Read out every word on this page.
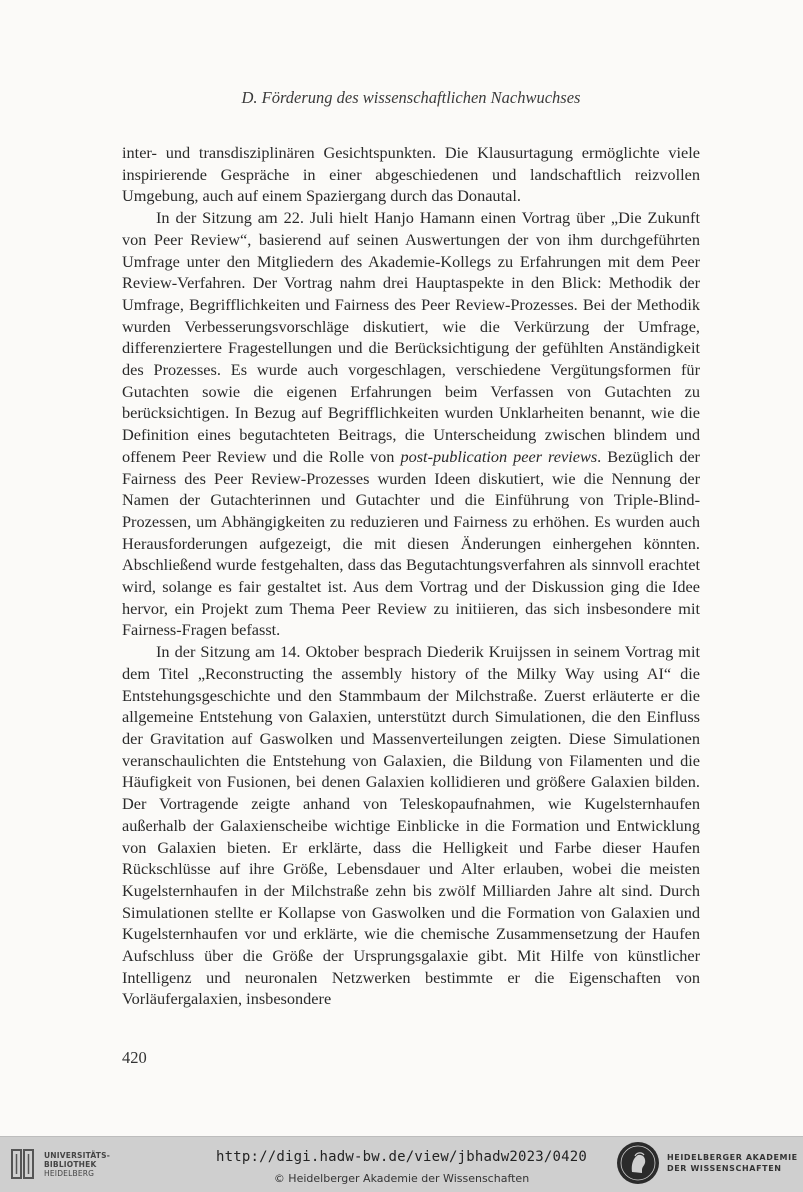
D. Förderung des wissenschaftlichen Nachwuchses

inter- und transdisziplinären Gesichtspunkten. Die Klausurtagung ermöglichte viele inspirierende Gespräche in einer abgeschiedenen und landschaftlich reizvollen Umgebung, auch auf einem Spaziergang durch das Donautal.

In der Sitzung am 22. Juli hielt Hanjo Hamann einen Vortrag über „Die Zukunft von Peer Review“, basierend auf seinen Auswertungen der von ihm durchgeführten Umfrage unter den Mitgliedern des Akademie-Kollegs zu Erfahrungen mit dem Peer Review-Verfahren. Der Vortrag nahm drei Hauptaspekte in den Blick: Methodik der Umfrage, Begrifflichkeiten und Fairness des Peer Review-Prozesses. Bei der Methodik wurden Verbesserungsvorschläge diskutiert, wie die Verkürzung der Umfrage, differenziertere Fragestellungen und die Berücksichtigung der gefühlten Anständigkeit des Prozesses. Es wurde auch vorgeschlagen, verschiedene Vergütungsformen für Gutachten sowie die eigenen Erfahrungen beim Verfassen von Gutachten zu berücksichtigen. In Bezug auf Begrifflichkeiten wurden Unklarheiten benannt, wie die Definition eines begutachteten Beitrags, die Unterscheidung zwischen blindem und offenem Peer Review und die Rolle von post-publication peer reviews. Bezüglich der Fairness des Peer Review-Prozesses wurden Ideen diskutiert, wie die Nennung der Namen der Gutachterinnen und Gutachter und die Einführung von Triple-Blind-Prozessen, um Abhängigkeiten zu reduzieren und Fairness zu erhöhen. Es wurden auch Herausforderungen aufgezeigt, die mit diesen Änderungen einhergehen könnten. Abschließend wurde festgehalten, dass das Begutachtungsverfahren als sinnvoll erachtet wird, solange es fair gestaltet ist. Aus dem Vortrag und der Diskussion ging die Idee hervor, ein Projekt zum Thema Peer Review zu initiieren, das sich insbesondere mit Fairness-Fragen befasst.

In der Sitzung am 14. Oktober besprach Diederik Kruijssen in seinem Vortrag mit dem Titel „Reconstructing the assembly history of the Milky Way using AI“ die Entstehungsgeschichte und den Stammbaum der Milchstraße. Zuerst erläuterte er die allgemeine Entstehung von Galaxien, unterstützt durch Simulationen, die den Einfluss der Gravitation auf Gaswolken und Massenverteilungen zeigten. Diese Simulationen veranschaulichten die Entstehung von Galaxien, die Bildung von Filamenten und die Häufigkeit von Fusionen, bei denen Galaxien kollidieren und größere Galaxien bilden. Der Vortragende zeigte anhand von Teleskopaufnahmen, wie Kugelsternhaufen außerhalb der Galaxienscheibe wichtige Einblicke in die Formation und Entwicklung von Galaxien bieten. Er erklärte, dass die Helligkeit und Farbe dieser Haufen Rückschlüsse auf ihre Größe, Lebensdauer und Alter erlauben, wobei die meisten Kugelsternhaufen in der Milchstraße zehn bis zwölf Milliarden Jahre alt sind. Durch Simulationen stellte er Kollapse von Gaswolken und die Formation von Galaxien und Kugelsternhaufen vor und erklärte, wie die chemische Zusammensetzung der Haufen Aufschluss über die Größe der Ursprungsgalaxie gibt. Mit Hilfe von künstlicher Intelligenz und neuronalen Netzwerken bestimmte er die Eigenschaften von Vorläufergalaxien, insbesondere

420
UNIVERSITÄTS-
BIBLIOTHEK
HEIDELBERG
http://digi.hadw-bw.de/view/jbhadw2023/0420
© Heidelberger Akademie der Wissenschaften
HEIDELBERGER AKADEMIE
DER WISSENSCHAFTEN
